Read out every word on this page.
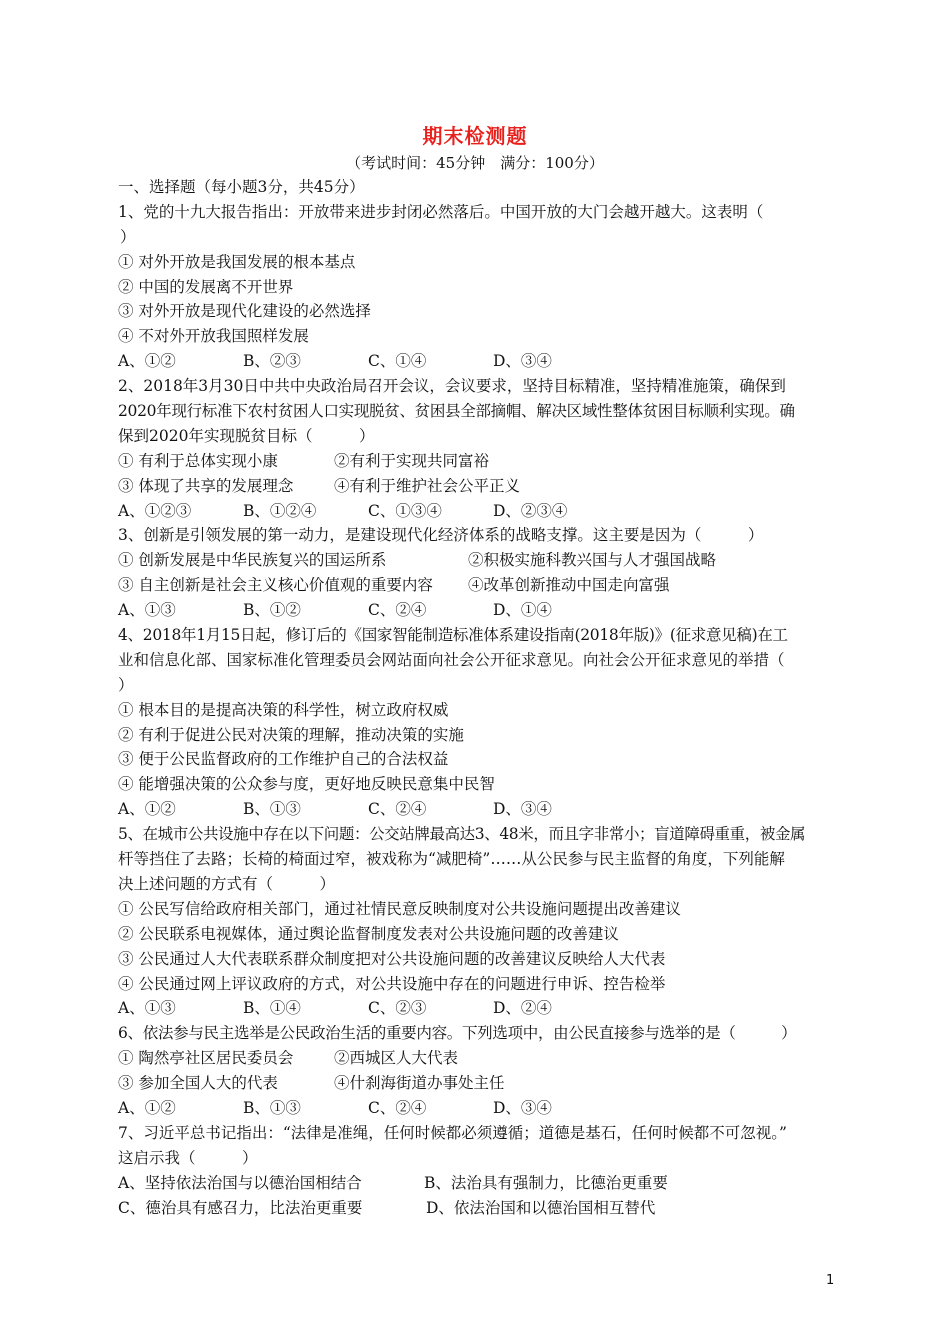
期末检测题
（考试时间：45分钟　满分：100分）
一、选择题（每小题3分，共45分）
1、党的十九大报告指出：开放带来进步封闭必然落后。中国开放的大门会越开越大。这表明（
）
① 对外开放是我国发展的根本基点
② 中国的发展离不开世界
③ 对外开放是现代化建设的必然选择
④ 不对外开放我国照样发展
A、①②	B、②③	C、①④	D、③④
2、2018年3月30日中共中央政治局召开会议，会议要求，坚持目标精准，坚持精准施策，确保到
2020年现行标准下农村贫困人口实现脱贫、贫困县全部摘帽、解决区域性整体贫困目标顺利实现。确
保到2020年实现脱贫目标（　　　）
① 有利于总体实现小康	②有利于实现共同富裕
③ 体现了共享的发展理念	④有利于维护社会公平正义
A、①②③	B、①②④	C、①③④	D、②③④
3、创新是引领发展的第一动力，是建设现代化经济体系的战略支撑。这主要是因为（　　　）
① 创新发展是中华民族复兴的国运所系	②积极实施科教兴国与人才强国战略
③ 自主创新是社会主义核心价值观的重要内容	④改革创新推动中国走向富强
A、①③	B、①②	C、②④	D、①④
4、2018年1月15日起，修订后的《国家智能制造标准体系建设指南(2018年版)》(征求意见稿)在工
业和信息化部、国家标准化管理委员会网站面向社会公开征求意见。向社会公开征求意见的举措（
）
① 根本目的是提高决策的科学性，树立政府权威
② 有利于促进公民对决策的理解，推动决策的实施
③ 便于公民监督政府的工作维护自己的合法权益
④ 能增强决策的公众参与度，更好地反映民意集中民智
A、①②	B、①③	C、②④	D、③④
5、在城市公共设施中存在以下问题：公交站牌最高达3、48米，而且字非常小；盲道障碍重重，被金属
杆等挡住了去路；长椅的椅面过窄，被戏称为“减肥椅”……从公民参与民主监督的角度，下列能解
决上述问题的方式有（　　　）
① 公民写信给政府相关部门，通过社情民意反映制度对公共设施问题提出改善建议
② 公民联系电视媒体，通过舆论监督制度发表对公共设施问题的改善建议
③ 公民通过人大代表联系群众制度把对公共设施问题的改善建议反映给人大代表
④ 公民通过网上评议政府的方式，对公共设施中存在的问题进行申诉、控告检举
A、①③	B、①④	C、②③	D、②④
6、依法参与民主选举是公民政治生活的重要内容。下列选项中，由公民直接参与选举的是（　　　）
① 陶然亭社区居民委员会	②西城区人大代表
③ 参加全国人大的代表	④什刹海街道办事处主任
A、①②	B、①③	C、②④	D、③④
7、习近平总书记指出：“法律是准绳，任何时候都必须遵循；道德是基石，任何时候都不可忽视。”
这启示我（　　　）
A、坚持依法治国与以德治国相结合	B、法治具有强制力，比德治更重要
C、德治具有感召力，比法治更重要	D、依法治国和以德治国相互替代
1
